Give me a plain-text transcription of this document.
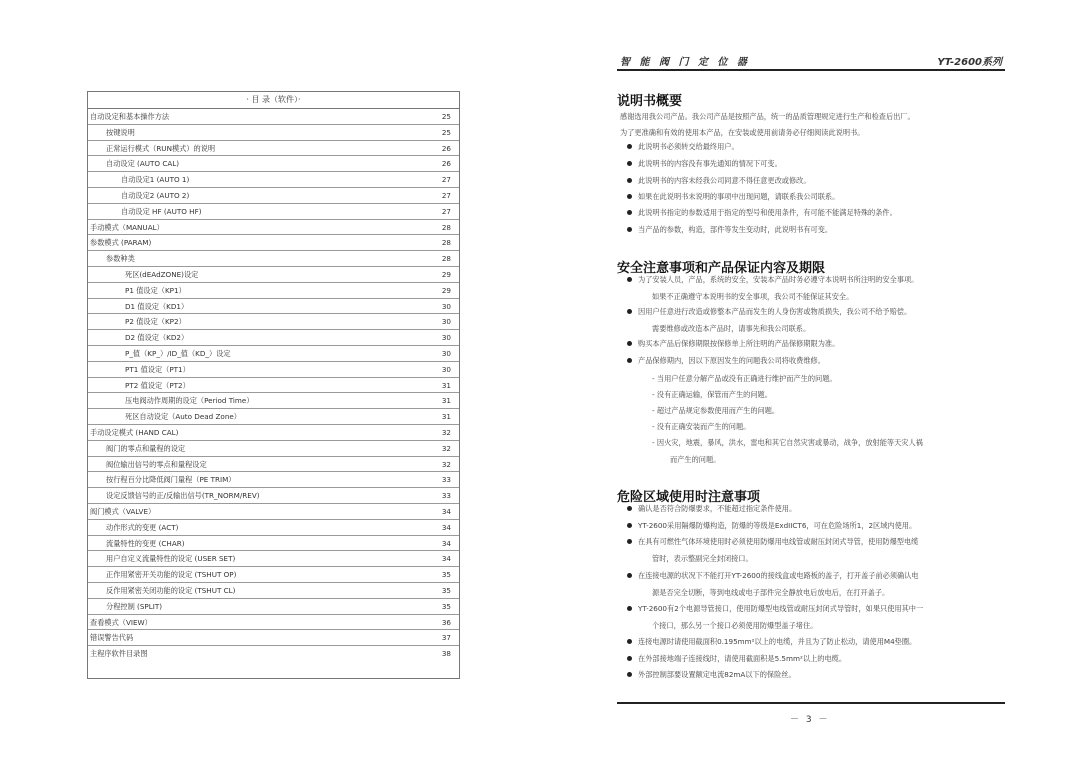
· 目 录（软件）·
自动设定和基本操作方法	25
按键说明	25
正常运行模式（RUN模式）的说明	26
自动设定 (AUTO CAL)	26
自动设定1 (AUTO 1)	27
自动设定2 (AUTO 2)	27
自动设定 HF (AUTO HF)	27
手动模式（MANUAL）	28
参数模式 (PARAM)	28
参数种类	28
死区(dEAdZONE)设定	29
P1 值设定（KP1）	29
D1 值设定（KD1）	30
P2 值设定（KP2）	30
D2 值设定（KD2）	30
P_值（KP_）/ID_值（KD_）设定	30
PT1 值设定（PT1）	30
PT2 值设定（PT2）	31
压电阀动作周期的设定（Period Time）	31
死区自动设定（Auto Dead Zone）	31
手动设定模式 (HAND CAL)	32
阀门的零点和量程的设定	32
阀位输出信号的零点和量程设定	32
按行程百分比降低阀门量程（PE TRIM）	33
设定反馈信号的正/反输出信号(TR_NORM/REV)	33
阀门模式（VALVE）	34
动作形式的变更 (ACT)	34
流量特性的变更 (CHAR)	34
用户自定义流量特性的设定 (USER SET)	34
正作用紧密开关功能的设定 (TSHUT OP)	35
反作用紧密关闭功能的设定 (TSHUT CL)	35
分程控制 (SPLIT)	35
查看模式（VIEW）	36
错误警告代码	37
主程序软件目录图	38
智 能 阀 门 定 位 器	YT-2600系列
说明书概要
感谢选用我公司产品。我公司产品是按照产品，统一的品质管理规定进行生产和检查后出厂。
为了更准确和有效的使用本产品，在安装或使用前请务必仔细阅读此说明书。
此说明书必须转交给最终用户。
此说明书的内容没有事先通知的情况下可变。
此说明书的内容未经我公司同意不得任意更改或修改。
如果在此说明书未说明的事项中出现问题，请联系我公司联系。
此说明书指定的参数适用于指定的型号和使用条件，有可能不能满足特殊的条件。
当产品的参数，构造，部件等发生变动时，此说明书有可变。
安全注意事项和产品保证内容及期限
为了安装人员，产品，系统的安全，安装本产品时务必遵守本说明书所注明的安全事项。
如果不正确遵守本说明书的安全事项，我公司不能保证其安全。
因用户任意进行改造或修整本产品而发生的人身伤害或物质损失，我公司不给予赔偿。
需要维修或改造本产品时，请事先和我公司联系。
购买本产品后保修期限按保修单上所注明的产品保修期限为准。
产品保修期内，因以下原因发生的问题我公司将收费维修。
- 当用户任意分解产品或没有正确进行维护而产生的问题。
- 没有正确运输，保管而产生的问题。
- 超过产品规定参数使用而产生的问题。
- 没有正确安装而产生的问题。
- 因火灾，地震，暴风，洪水，雷电和其它自然灾害或暴动，战争，放射能等天灾人祸
而产生的问题。
危险区域使用时注意事项
确认是否符合防爆要求，不能超过指定条件使用。
YT-2600采用隔爆防爆构造，防爆的等级是ExdIICT6，可在危险场所1，2区域内使用。
在具有可燃性气体环境使用时必须使用防爆用电线管或耐压封闭式导管，使用防爆型电缆
管时，表示整副完全封闭接口。
在连接电源的状况下不能打开YT-2600的接线盒或电路板的盖子，打开盖子前必须确认电
源是否完全切断，等到电线或电子部件完全静放电后放电后，在打开盖子。
YT-2600有2个电源导管接口，使用防爆型电线管或耐压封闭式导管时，如果只使用其中一
个接口，那么另一个接口必须使用防爆型盖子堵住。
连接电源时请使用截面积0.195mm²以上的电缆，并且为了防止松动，请使用M4垫圈。
在外部接地端子连接线时，请使用截面积是5.5mm²以上的电缆。
外部控制部要设置额定电流82mA以下的保险丝。
－ 3 －
